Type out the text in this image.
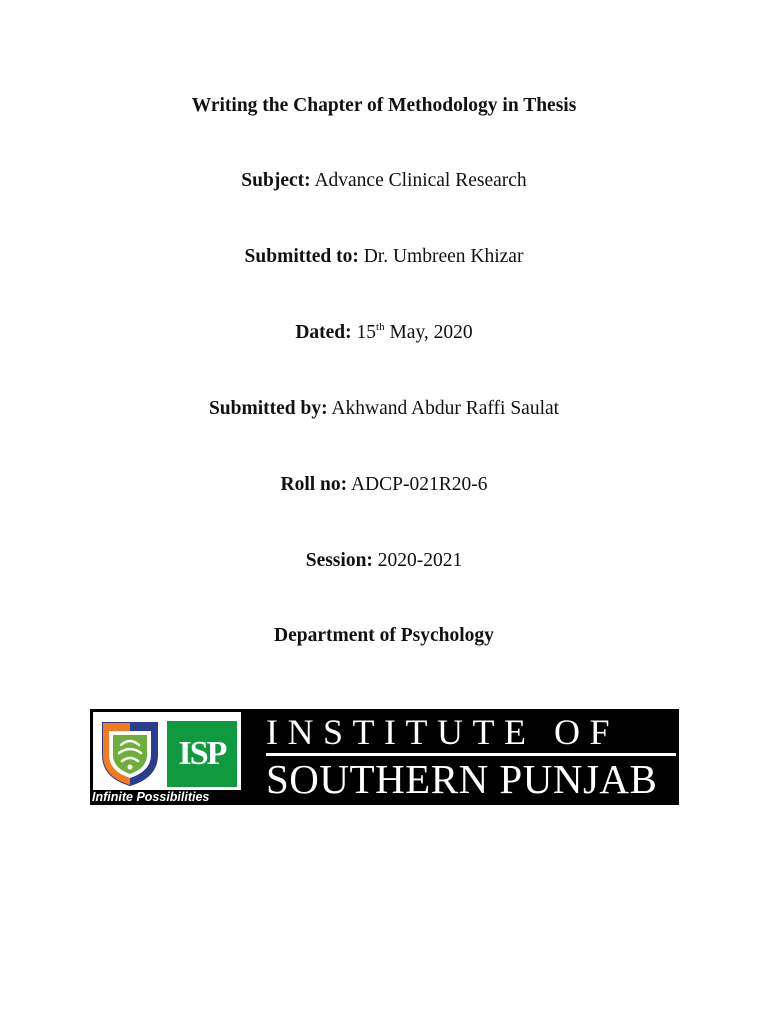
Writing the Chapter of Methodology in Thesis
Subject: Advance Clinical Research
Submitted to: Dr. Umbreen Khizar
Dated: 15th May, 2020
Submitted by: Akhwand Abdur Raffi Saulat
Roll no: ADCP-021R20-6
Session: 2020-2021
Department of Psychology
ISP
Infinite Possibilities
INSTITUTE OF
SOUTHERN PUNJAB
